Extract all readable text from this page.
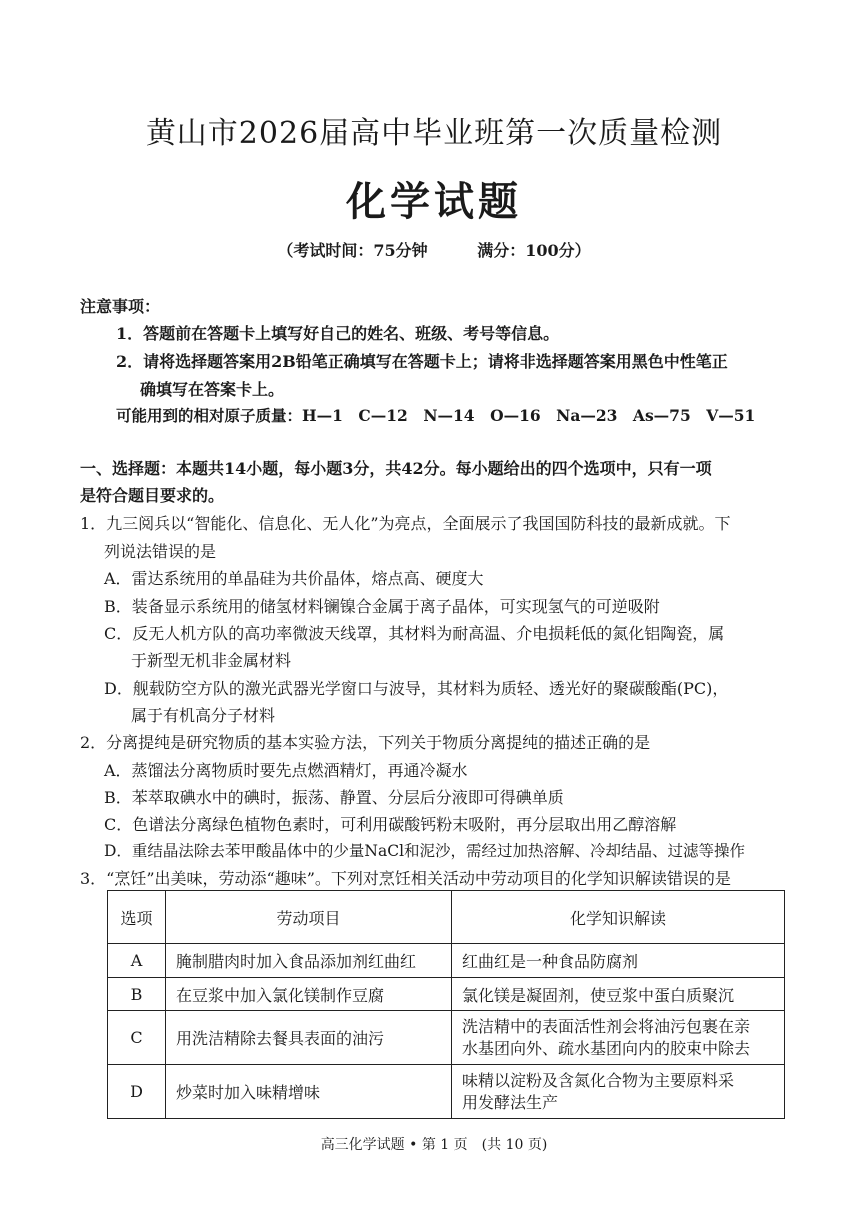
黄山市2026届高中毕业班第一次质量检测
化学试题
（考试时间：75分钟	满分：100分）
注意事项：
1．答题前在答题卡上填写好自己的姓名、班级、考号等信息。
2．请将选择题答案用2B铅笔正确填写在答题卡上；请将非选择题答案用黑色中性笔正
确填写在答案卡上。
可能用到的相对原子质量：H—1　C—12　N—14　O—16　Na—23　As—75　V—51
一、选择题：本题共14小题，每小题3分，共42分。每小题给出的四个选项中，只有一项
是符合题目要求的。
1．九三阅兵以“智能化、信息化、无人化”为亮点，全面展示了我国国防科技的最新成就。下
列说法错误的是
A．雷达系统用的单晶硅为共价晶体，熔点高、硬度大
B．装备显示系统用的储氢材料镧镍合金属于离子晶体，可实现氢气的可逆吸附
C．反无人机方队的高功率微波天线罩，其材料为耐高温、介电损耗低的氮化铝陶瓷，属
于新型无机非金属材料
D．舰载防空方队的激光武器光学窗口与波导，其材料为质轻、透光好的聚碳酸酯(PC)，
属于有机高分子材料
2．分离提纯是研究物质的基本实验方法，下列关于物质分离提纯的描述正确的是
A．蒸馏法分离物质时要先点燃酒精灯，再通冷凝水
B．苯萃取碘水中的碘时，振荡、静置、分层后分液即可得碘单质
C．色谱法分离绿色植物色素时，可利用碳酸钙粉末吸附，再分层取出用乙醇溶解
D．重结晶法除去苯甲酸晶体中的少量NaCl和泥沙，需经过加热溶解、冷却结晶、过滤等操作
3．“烹饪”出美味，劳动添“趣味”。下列对烹饪相关活动中劳动项目的化学知识解读错误的是
选项	劳动项目	化学知识解读
A	腌制腊肉时加入食品添加剂红曲红	红曲红是一种食品防腐剂
B	在豆浆中加入氯化镁制作豆腐	氯化镁是凝固剂，使豆浆中蛋白质聚沉
C	用洗洁精除去餐具表面的油污	洗洁精中的表面活性剂会将油污包裹在亲
水基团向外、疏水基团向内的胶束中除去

D	炒菜时加入味精增味	味精以淀粉及含氮化合物为主要原料采
用发酵法生产
高三化学试题 • 第 1 页　(共 10 页)
